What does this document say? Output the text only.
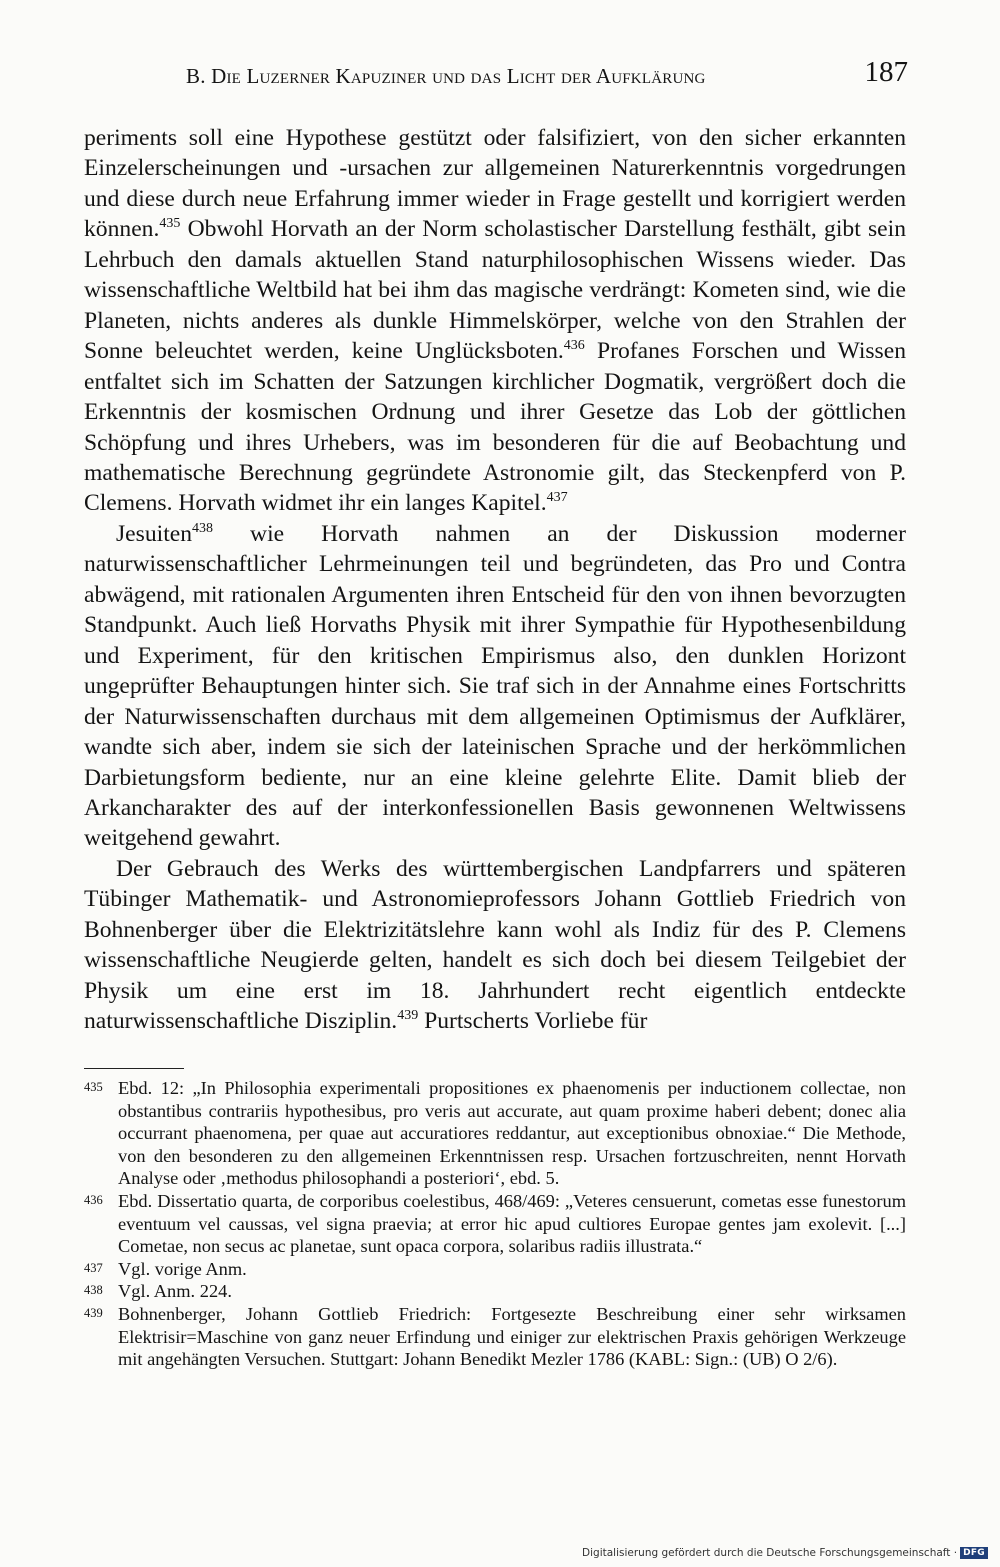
B. Die Luzerner Kapuziner und das Licht der Aufklärung	187

periments soll eine Hypothese gestützt oder falsifiziert, von den sicher erkannten Einzelerscheinungen und -ursachen zur allgemeinen Naturerkenntnis vorgedrungen und diese durch neue Erfahrung immer wieder in Frage gestellt und korrigiert werden können.$^{435}$ Obwohl Horvath an der Norm scholastischer Darstellung festhält, gibt sein Lehrbuch den damals aktuellen Stand naturphilosophischen Wissens wieder. Das wissenschaftliche Weltbild hat bei ihm das magische verdrängt: Kometen sind, wie die Planeten, nichts anderes als dunkle Himmelskörper, welche von den Strahlen der Sonne beleuchtet werden, keine Unglücksboten.$^{436}$ Profanes Forschen und Wissen entfaltet sich im Schatten der Satzungen kirchlicher Dogmatik, vergrößert doch die Erkenntnis der kosmischen Ordnung und ihrer Gesetze das Lob der göttlichen Schöpfung und ihres Urhebers, was im besonderen für die auf Beobachtung und mathematische Berechnung gegründete Astronomie gilt, das Steckenpferd von P. Clemens. Horvath widmet ihr ein langes Kapitel.$^{437}$

Jesuiten$^{438}$ wie Horvath nahmen an der Diskussion moderner naturwissenschaftlicher Lehrmeinungen teil und begründeten, das Pro und Contra abwägend, mit rationalen Argumenten ihren Entscheid für den von ihnen bevorzugten Standpunkt. Auch ließ Horvaths Physik mit ihrer Sympathie für Hypothesenbildung und Experiment, für den kritischen Empirismus also, den dunklen Horizont ungeprüfter Behauptungen hinter sich. Sie traf sich in der Annahme eines Fortschritts der Naturwissenschaften durchaus mit dem allgemeinen Optimismus der Aufklärer, wandte sich aber, indem sie sich der lateinischen Sprache und der herkömmlichen Darbietungsform bediente, nur an eine kleine gelehrte Elite. Damit blieb der Arkancharakter des auf der interkonfessionellen Basis gewonnenen Weltwissens weitgehend gewahrt.

Der Gebrauch des Werks des württembergischen Landpfarrers und späteren Tübinger Mathematik- und Astronomieprofessors Johann Gottlieb Friedrich von Bohnenberger über die Elektrizitätslehre kann wohl als Indiz für des P. Clemens wissenschaftliche Neugierde gelten, handelt es sich doch bei diesem Teilgebiet der Physik um eine erst im 18. Jahrhundert recht eigentlich entdeckte naturwissenschaftliche Disziplin.$^{439}$ Purtscherts Vorliebe für

435 Ebd. 12: „In Philosophia experimentali propositiones ex phaenomenis per inductionem collectae, non obstantibus contrariis hypothesibus, pro veris aut accurate, aut quam proxime haberi debent; donec alia occurrant phaenomena, per quae aut accuratiores reddantur, aut exceptionibus obnoxiae.“ Die Methode, von den besonderen zu den allgemeinen Erkenntnissen resp. Ursachen fortzuschreiten, nennt Horvath Analyse oder ‚methodus philosophandi a posteriori‘, ebd. 5.
436 Ebd. Dissertatio quarta, de corporibus coelestibus, 468/469: „Veteres censuerunt, cometas esse funestorum eventuum vel caussas, vel signa praevia; at error hic apud cultiores Europae gentes jam exolevit. [...] Cometae, non secus ac planetae, sunt opaca corpora, solaribus radiis illustrata.“
437 Vgl. vorige Anm.
438 Vgl. Anm. 224.
439 Bohnenberger, Johann Gottlieb Friedrich: Fortgesezte Beschreibung einer sehr wirksamen Elektrisir=Maschine von ganz neuer Erfindung und einiger zur elektrischen Praxis gehörigen Werkzeuge mit angehängten Versuchen. Stuttgart: Johann Benedikt Mezler 1786 (KABL: Sign.: (UB) O 2/6).
Digitalisierung gefördert durch die Deutsche Forschungsgemeinschaft · DFG
